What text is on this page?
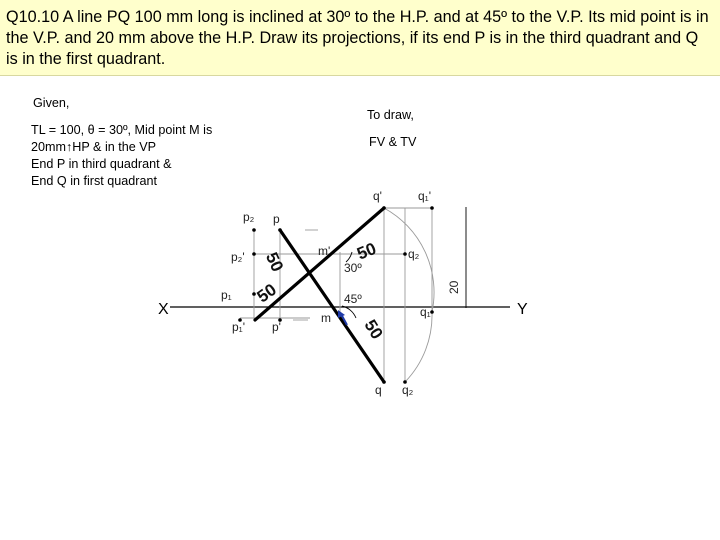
Q10.10 A line PQ 100 mm long is inclined at 30º to the H.P. and at 45º to the V.P. Its mid point is in the V.P. and 20 mm above the H.P. Draw its projections, if its end P is in the third quadrant and Q is in the first quadrant.

Given,

TL = 100, θ = 30º, Mid point M is
20mm↑HP & in the VP
End P in third quadrant &
End Q in first quadrant

To draw,

FV & TV

X	Y
p₂ p
p₂'
p₁
p₁' p'
m'
m
q'	q₁'
q₂
q₁
q q₂
30º
45º
20
50
50
50
50
